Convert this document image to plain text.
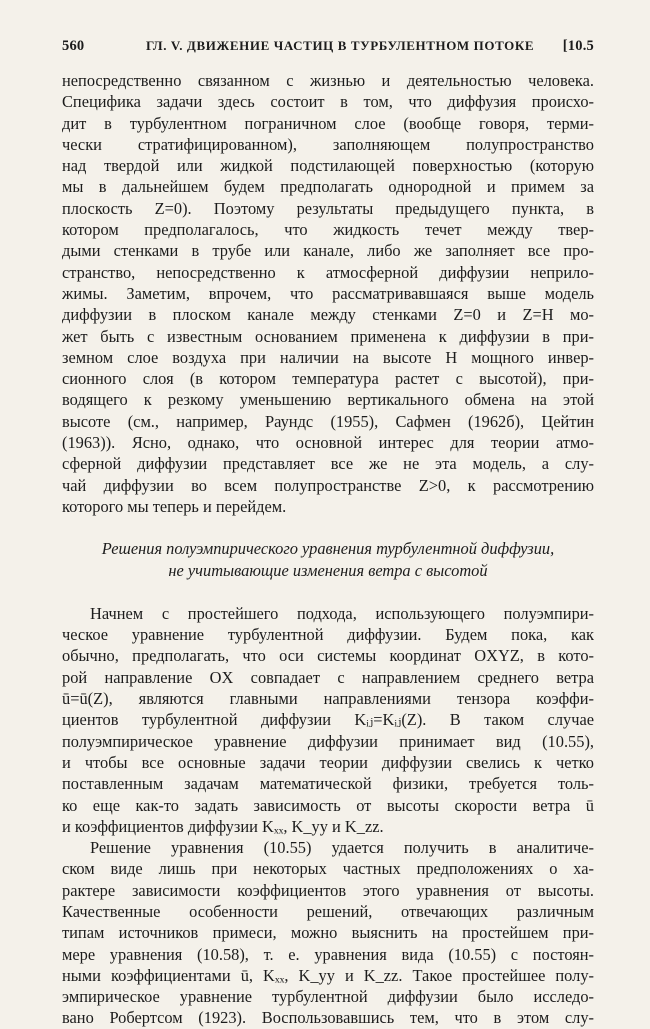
560	ГЛ. V. ДВИЖЕНИЕ ЧАСТИЦ В ТУРБУЛЕНТНОМ ПОТОКЕ [10.5
непосредственно связанном с жизнью и деятельностью человека.
Специфика задачи здесь состоит в том, что диффузия происхо-
дит в турбулентном пограничном слое (вообще говоря, терми-
чески стратифицированном), заполняющем полупространство
над твердой или жидкой подстилающей поверхностью (которую
мы в дальнейшем будем предполагать однородной и примем за
плоскость Z=0). Поэтому результаты предыдущего пункта, в
котором предполагалось, что жидкость течет между твер-
дыми стенками в трубе или канале, либо же заполняет все про-
странство, непосредственно к атмосферной диффузии неприло-
жимы. Заметим, впрочем, что рассматривавшаяся выше модель
диффузии в плоском канале между стенками Z=0 и Z=H мо-
жет быть с известным основанием применена к диффузии в при-
земном слое воздуха при наличии на высоте H мощного инвер-
сионного слоя (в котором температура растет с высотой), при-
водящего к резкому уменьшению вертикального обмена на этой
высоте (см., например, Раундс (1955), Сафмен (1962б), Цейтин
(1963)). Ясно, однако, что основной интерес для теории атмо-
сферной диффузии представляет все же не эта модель, а слу-
чай диффузии во всем полупространстве Z>0, к рассмотрению
которого мы теперь и перейдем.
Решения полуэмпирического уравнения турбулентной диффузии,
не учитывающие изменения ветра с высотой
Начнем с простейшего подхода, использующего полуэмпири-
ческое уравнение турбулентной диффузии. Будем пока, как
обычно, предполагать, что оси системы координат OXYZ, в кото-
рой направление OX совпадает с направлением среднего ветра
ū=ū(Z), являются главными направлениями тензора коэффи-
циентов турбулентной диффузии Kᵢⱼ=Kᵢⱼ(Z). В таком случае
полуэмпирическое уравнение диффузии принимает вид (10.55),
и чтобы все основные задачи теории диффузии свелись к четко
поставленным задачам математической физики, требуется толь-
ко еще как-то задать зависимость от высоты скорости ветра ū
и коэффициентов диффузии Kₓₓ, K_yy и K_zz.
Решение уравнения (10.55) удается получить в аналитиче-
ском виде лишь при некоторых частных предположениях о ха-
рактере зависимости коэффициентов этого уравнения от высоты.
Качественные особенности решений, отвечающих различным
типам источников примеси, можно выяснить на простейшем при-
мере уравнения (10.58), т. е. уравнения вида (10.55) с постоян-
ными коэффициентами ū, Kₓₓ, K_yy и K_zz. Такое простейшее полу-
эмпирическое уравнение турбулентной диффузии было исследо-
вано Робертсом (1923). Воспользовавшись тем, что в этом слу-
